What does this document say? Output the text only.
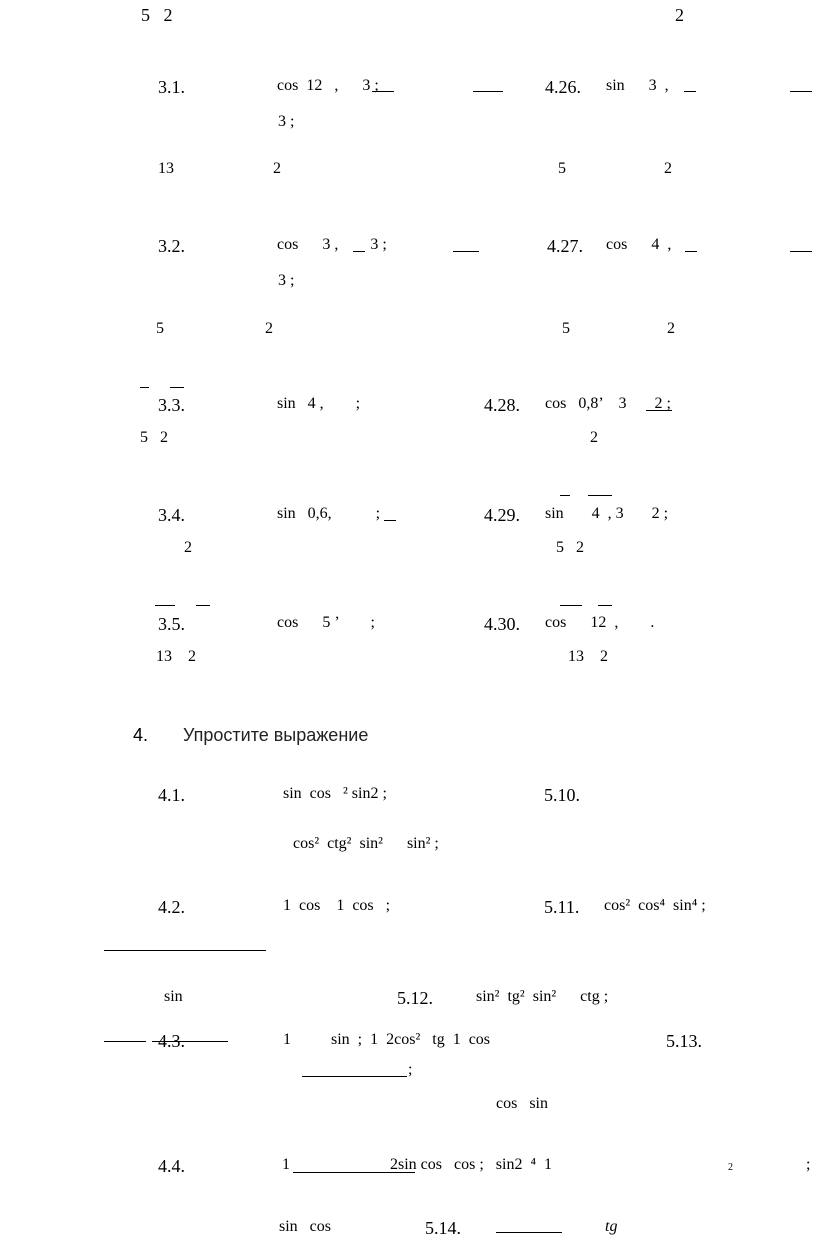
5   2	2
3.1.	cos  12   ,      3 ;	4.26. sin      3  ,
3 ;
13	2	5	2
3.2.	cos      3 ,        3 ;	4.27. cos      4  ,
3 ;
5	2	5	2
3.3.	sin   4 ,        ;	4.28. cos   0,8’    3       2 ;
5   2	2
3.4.	sin   0,6,           ;	4.29. sin       4  , 3       2 ;
2	5   2
3.5.	cos      5 ’        ;	4.30. cos      12  ,        .
13    2	13    2
4. Упростите выражение
4.1.	sin  cos   ² sin2 ;	5.10.
cos²  ctg²  sin²      sin² ;
4.2.	1  cos    1  cos   ;	5.11. cos²  cos⁴  sin⁴ ;
sin	5.12. sin²  tg²  sin²      ctg ;
4.3.	1          sin  ;  1  2cos²   tg  1  cos	5.13.
;
cos   sin
4.4.	1                         2sin cos   cos ;   sin2  ⁴  1	2	;
sin   cos	5.14.	tg
